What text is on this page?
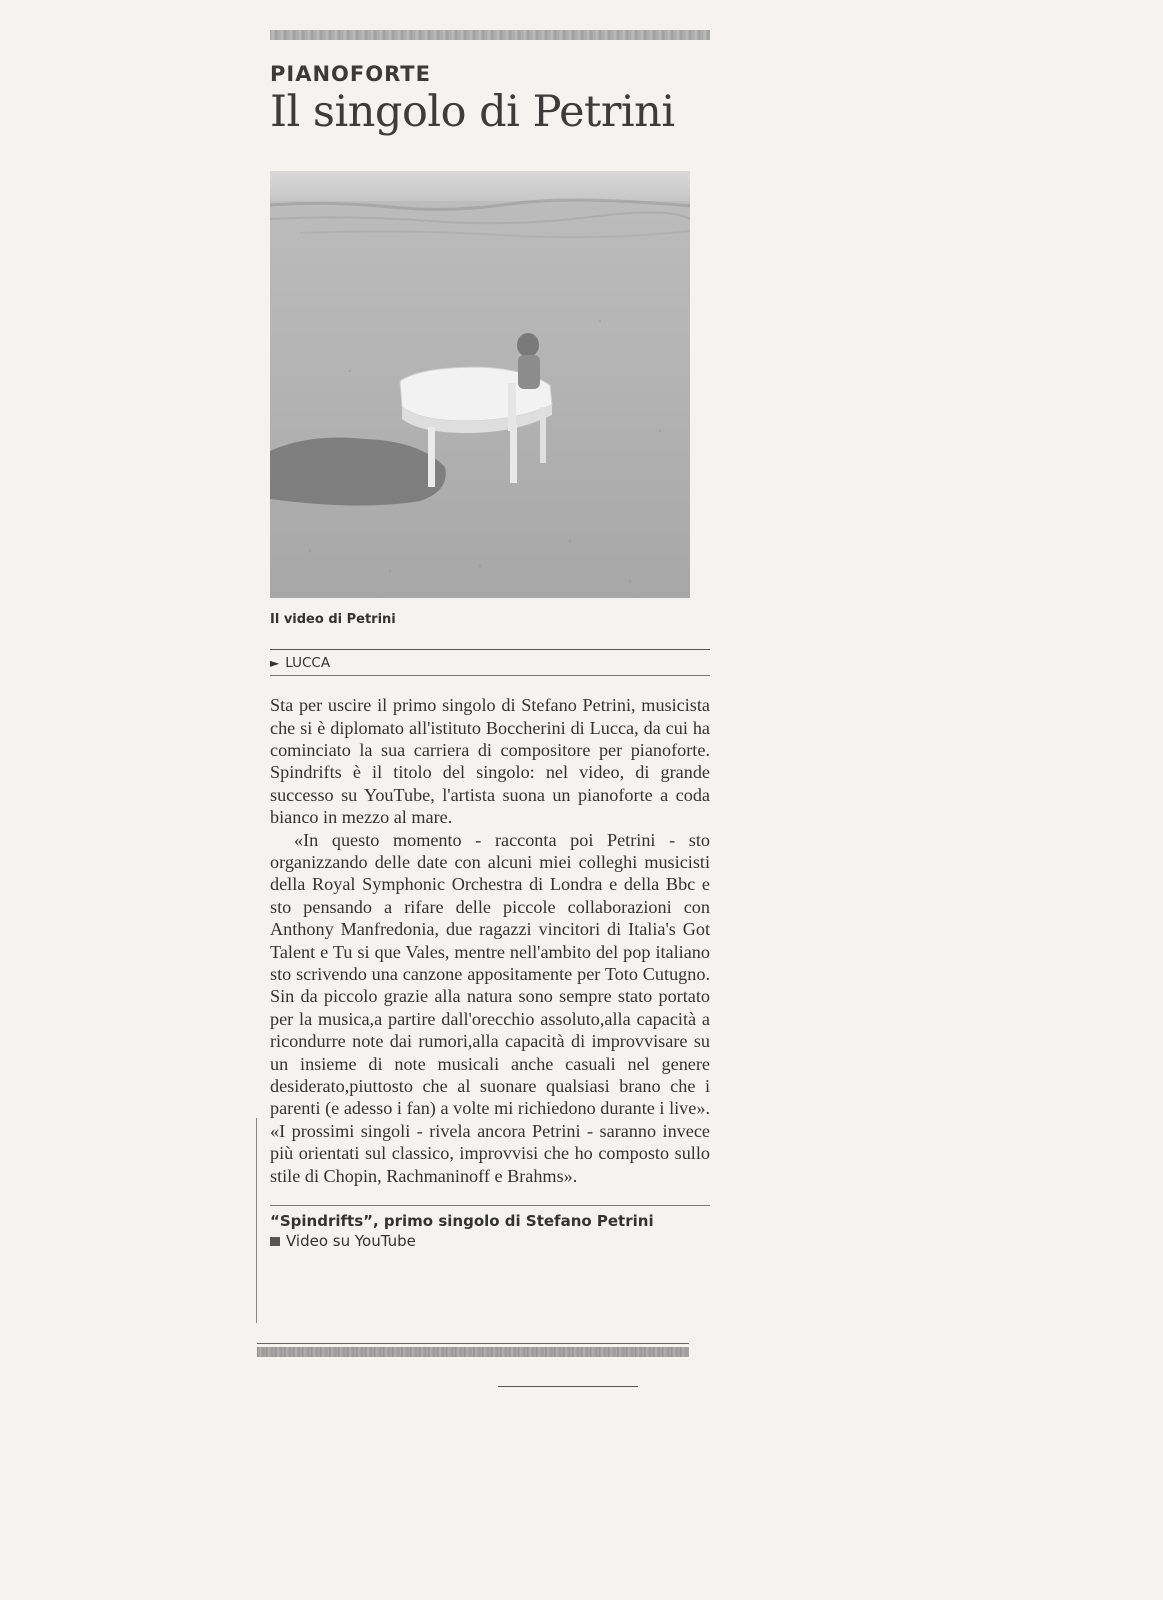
PIANOFORTE
Il singolo di Petrini
Il video di Petrini
► LUCCA

Sta per uscire il primo singolo di Stefano Petrini, musicista che si è diplomato all'istituto Boccherini di Lucca, da cui ha cominciato la sua carriera di compositore per pianoforte. Spindrifts è il titolo del singolo: nel video, di grande successo su YouTube, l'artista suona un pianoforte a coda bianco in mezzo al mare.

«In questo momento - racconta poi Petrini - sto organizzando delle date con alcuni miei colleghi musicisti della Royal Symphonic Orchestra di Londra e della Bbc e sto pensando a rifare delle piccole collaborazioni con Anthony Manfredonia, due ragazzi vincitori di Italia's Got Talent e Tu si que Vales, mentre nell'ambito del pop italiano sto scrivendo una canzone appositamente per Toto Cutugno. Sin da piccolo grazie alla natura sono sempre stato portato per la musica,a partire dall'orecchio assoluto,alla capacità a ricondurre note dai rumori,alla capacità di improvvisare su un insieme di note musicali anche casuali nel genere desiderato,piuttosto che al suonare qualsiasi brano che i parenti (e adesso i fan) a volte mi richiedono durante i live». «I prossimi singoli - rivela ancora Petrini - saranno invece più orientati sul classico, improvvisi che ho composto sullo stile di Chopin, Rachmaninoff e Brahms».

“Spindrifts”, primo singolo di Stefano Petrini
Video su YouTube
